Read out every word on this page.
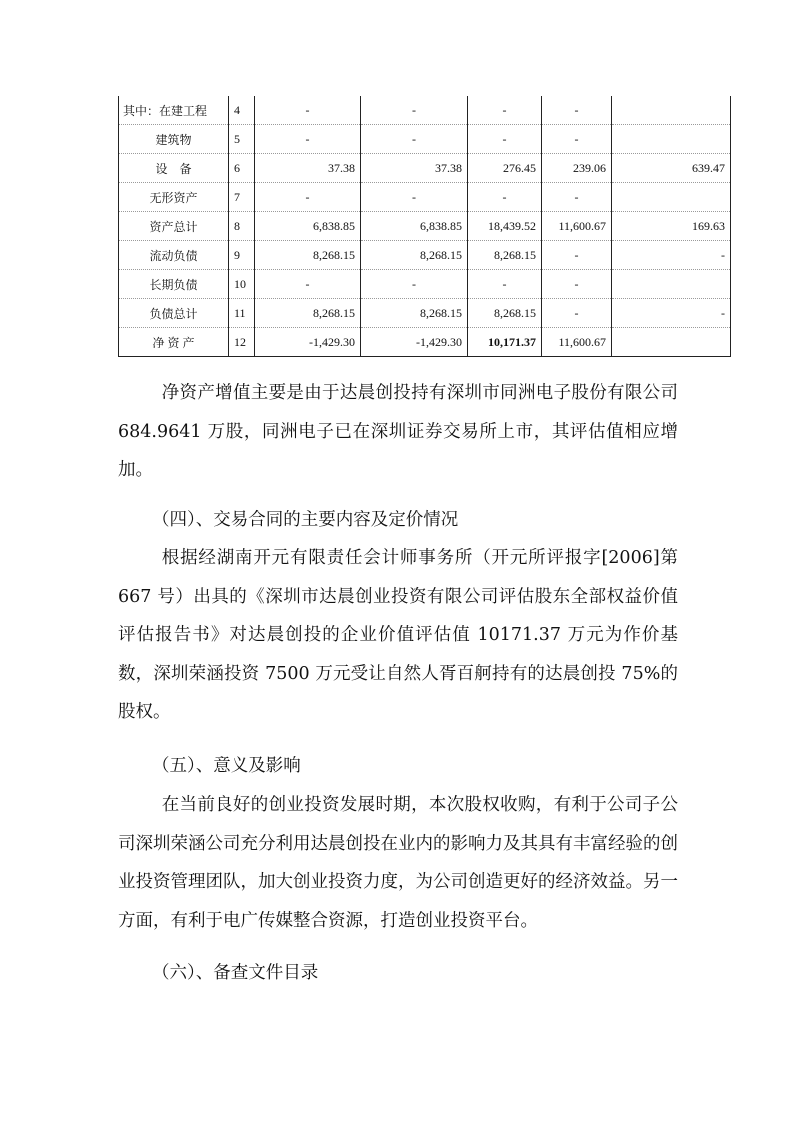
其中：在建工程	4	-	-	-	-	
建筑物	5	-	-	-	-	
设　备	6	37.38	37.38	276.45	239.06	639.47
无形资产	7	-	-	-	-	
资产总计	8	6,838.85	6,838.85	18,439.52	11,600.67	169.63
流动负债	9	8,268.15	8,268.15	8,268.15	-	-
长期负债	10	-	-	-	-	
负债总计	11	8,268.15	8,268.15	8,268.15	-	-
净 资 产	12	-1,429.30	-1,429.30	10,171.37	11,600.67	

净资产增值主要是由于达晨创投持有深圳市同洲电子股份有限公司 684.9641 万股，同洲电子已在深圳证券交易所上市，其评估值相应增加。

（四）、交易合同的主要内容及定价情况

根据经湖南开元有限责任会计师事务所（开元所评报字[2006]第 667 号）出具的《深圳市达晨创业投资有限公司评估股东全部权益价值评估报告书》对达晨创投的企业价值评估值 10171.37 万元为作价基数，深圳荣涵投资 7500 万元受让自然人胥百舸持有的达晨创投 75%的股权。

（五）、意义及影响

在当前良好的创业投资发展时期，本次股权收购，有利于公司子公司深圳荣涵公司充分利用达晨创投在业内的影响力及其具有丰富经验的创业投资管理团队，加大创业投资力度，为公司创造更好的经济效益。另一方面，有利于电广传媒整合资源，打造创业投资平台。

（六）、备查文件目录
